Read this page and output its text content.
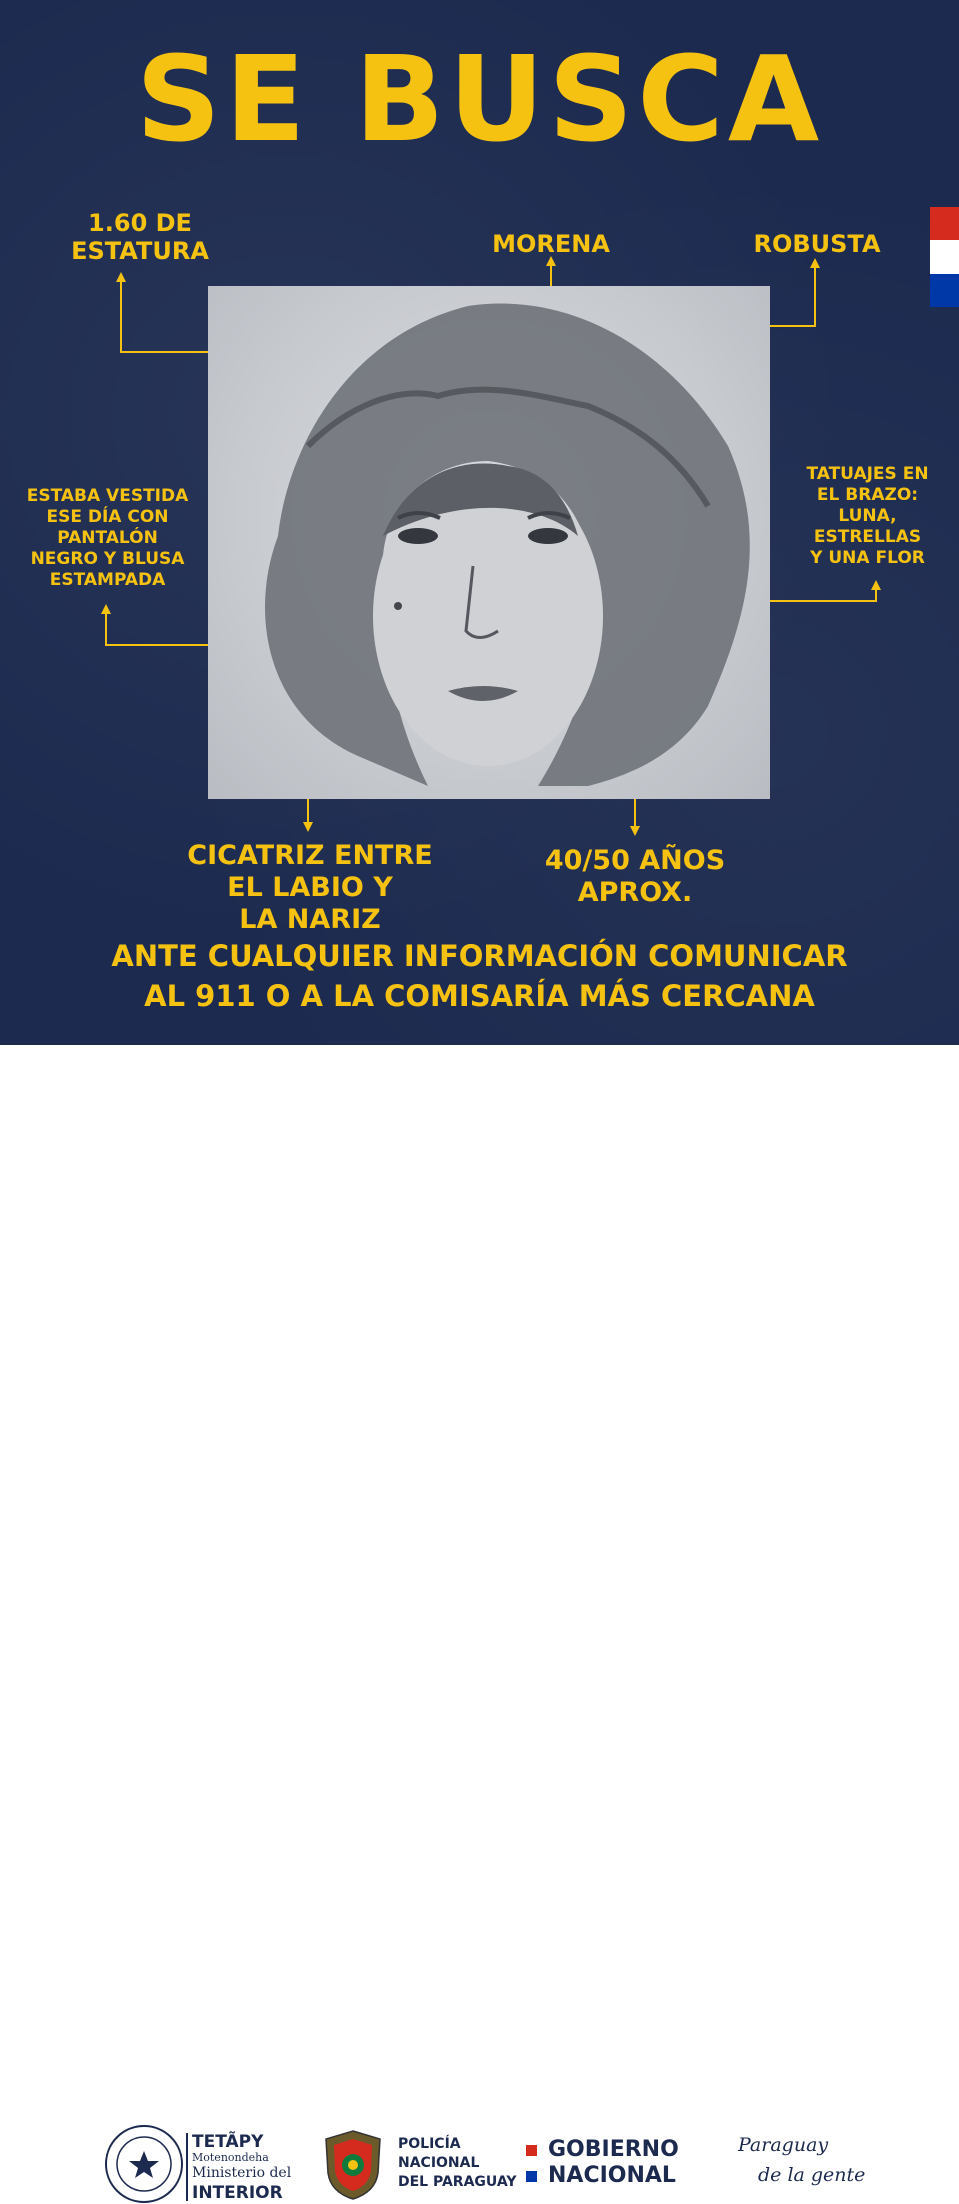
SE BUSCA
1.60 DE
ESTATURA	MORENA	ROBUSTA
ESTABA VESTIDA
ESE DÍA CON
PANTALÓN
NEGRO Y BLUSA
ESTAMPADA
TATUAJES EN
EL BRAZO:
LUNA,
ESTRELLAS
Y UNA FLOR
CICATRIZ ENTRE
EL LABIO Y
LA NARIZ
40/50 AÑOS
APROX.
ANTE CUALQUIER INFORMACIÓN COMUNICAR
AL 911 O A LA COMISARÍA MÁS CERCANA
TETÃPY
Motenondeha
Ministerio del
INTERIOR
POLICÍA
NACIONAL
DEL PARAGUAY
GOBIERNO
NACIONAL
Paraguay
de la gente
